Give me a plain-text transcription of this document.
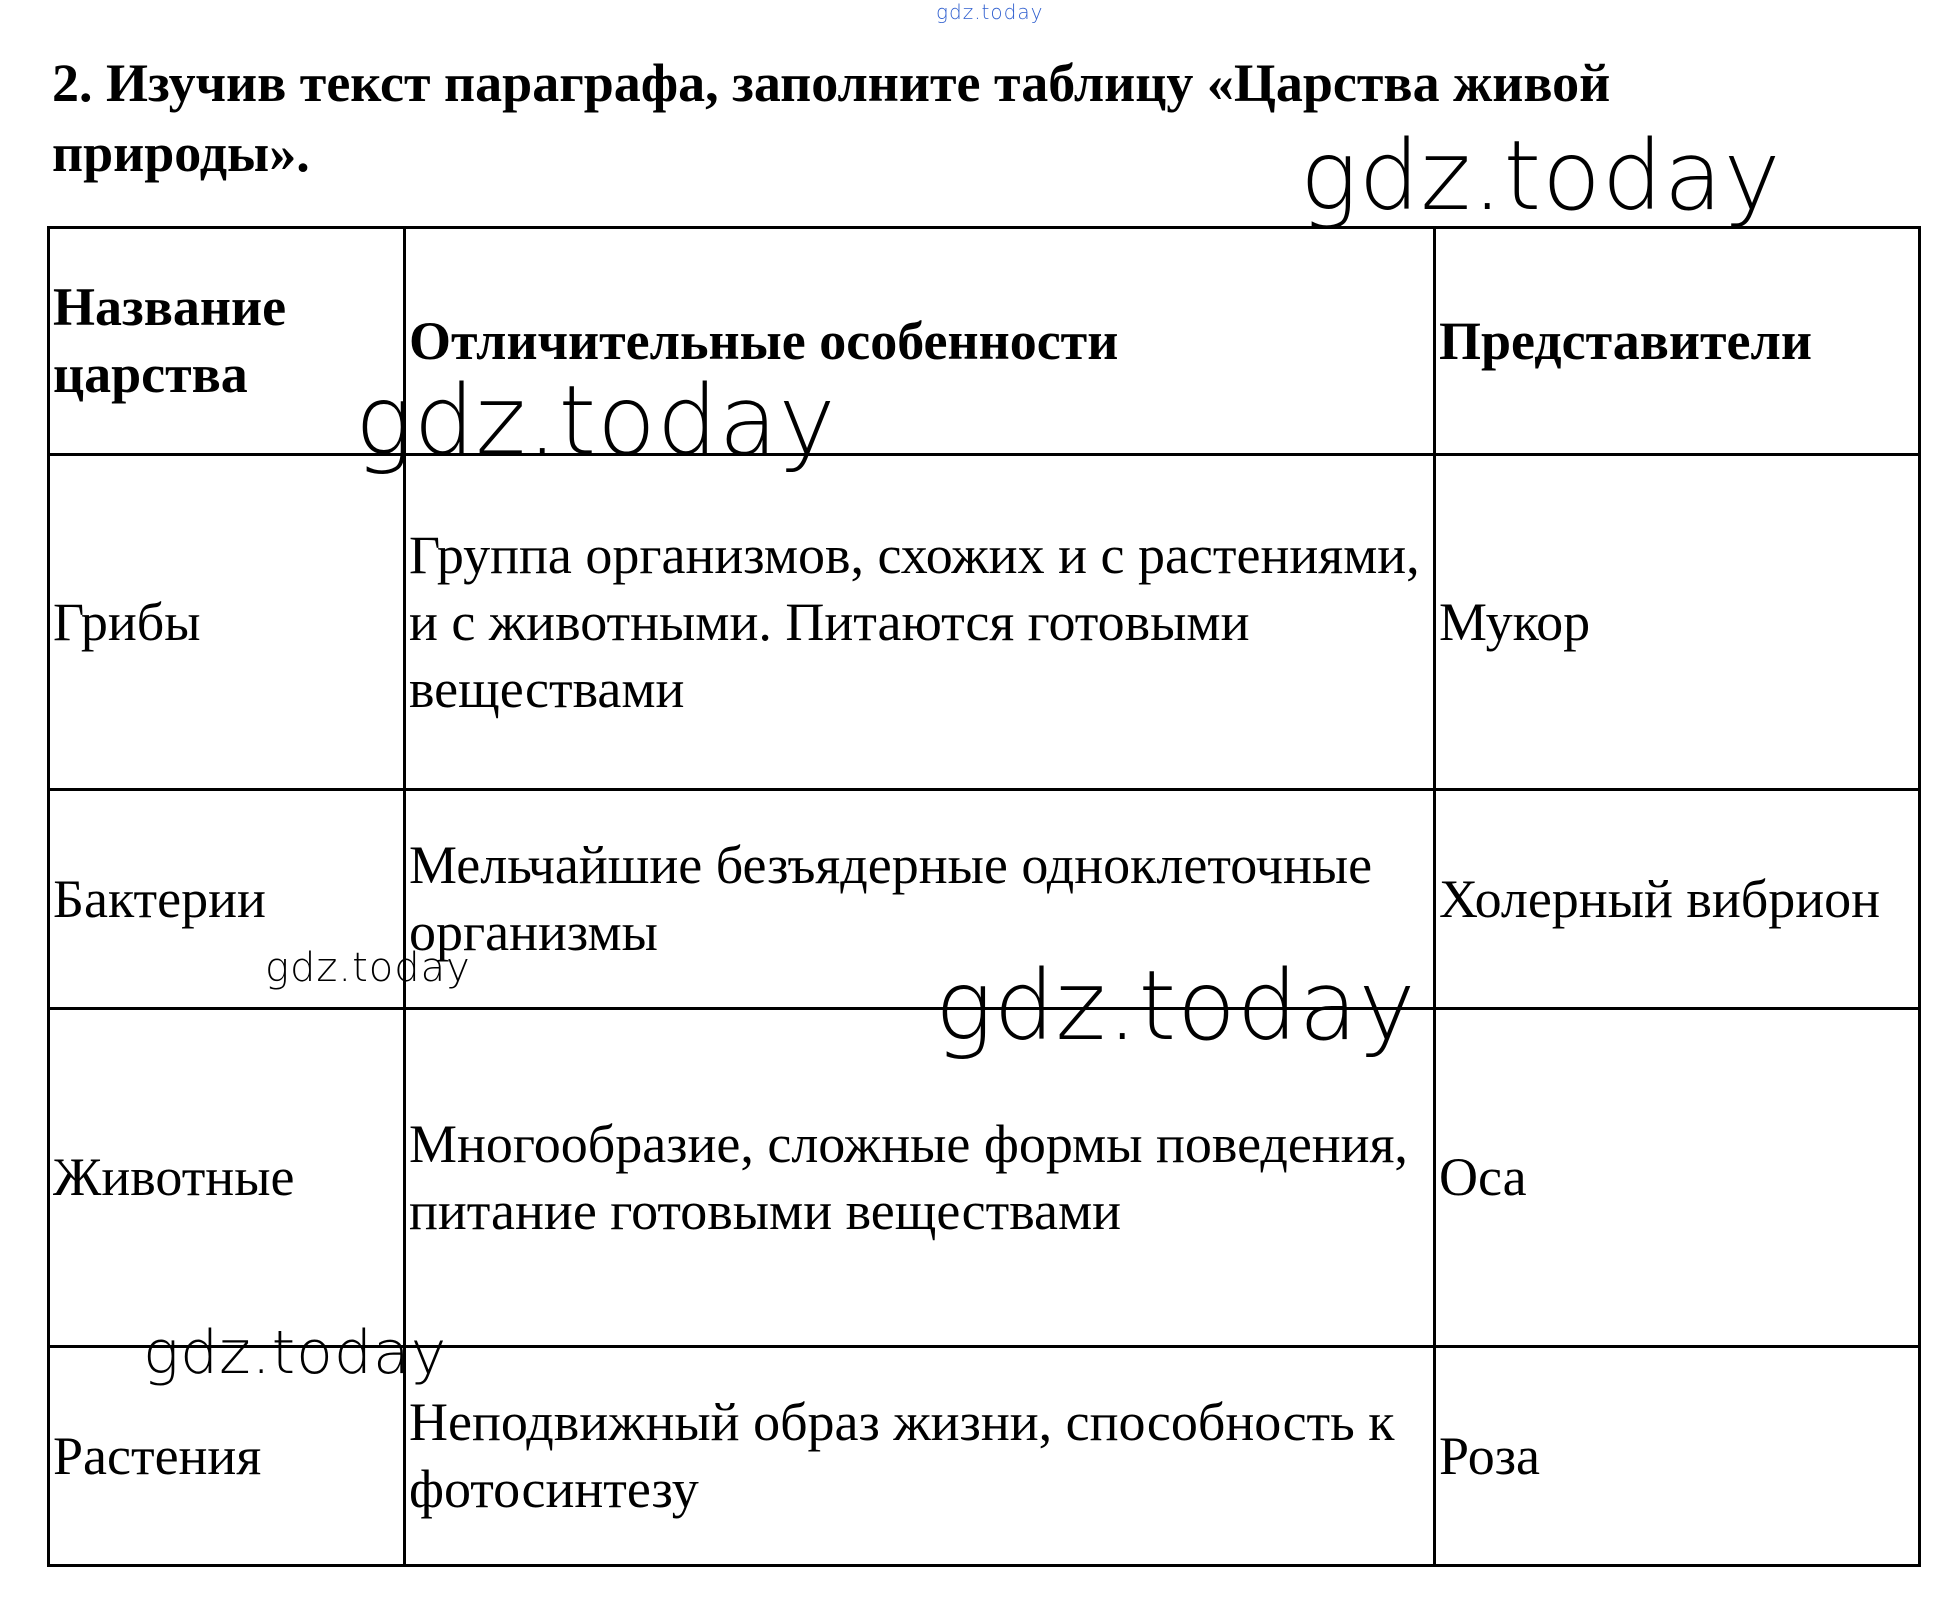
gdz.today
2. Изучив текст параграфа, заполните таблицу «Царства живой природы».
Название царства	Отличительные особенности	Представители
Грибы	Группа организмов, схожих и с растениями, и с животными. Питаются готовыми веществами	Мукор
Бактерии	Мельчайшие безъядерные одноклеточные организмы	Холерный вибрион
Животные	Многообразие, сложные формы поведения, питание готовыми веществами	Оса
Растения	Неподвижный образ жизни, способность к фотосинтезу	Роза
gdz.today
gdz.today
gdz.today	gdz.today
gdz.today
